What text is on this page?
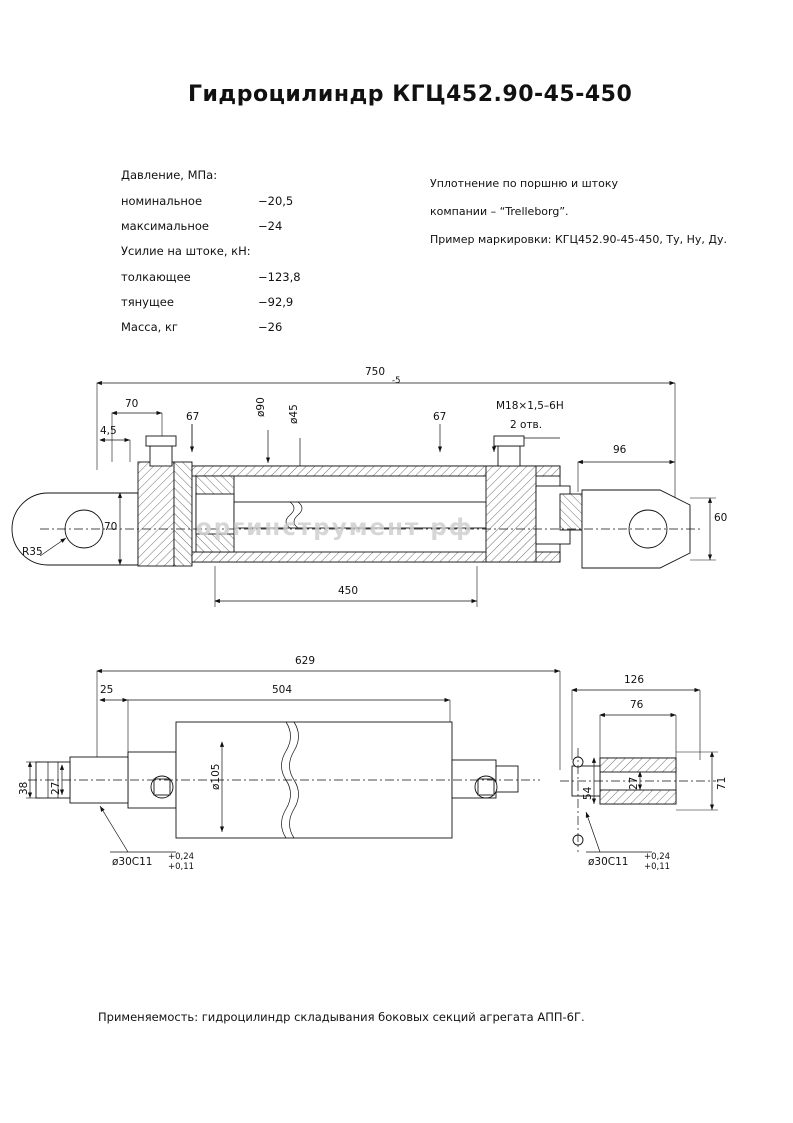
Гидроцилиндр КГЦ452.90-45-450
Давление, МПа:
номинальное	−20,5
максимальное	−24
Усилие на штоке, кН:
толкающее	−123,8
тянущее	−92,9
Масса, кг	−26
Уплотнение по поршню и штоку
компании – “Trelleborg”.
Пример маркировки: КГЦ452.90-45-450, Ту, Ну, Ду.
оргинструмент рф
750
-5
70
4,5
67	ø90 ø45	67
М18×1,5–6Н
2 отв.
96
60
70
R35
450
629
25	504
ø105
38 27
ø30С11 +0,24
+0,11
126
76
27
54
71
ø30С11 +0,24
+0,11
Применяемость: гидроцилиндр складывания боковых секций агрегата АПП-6Г.
